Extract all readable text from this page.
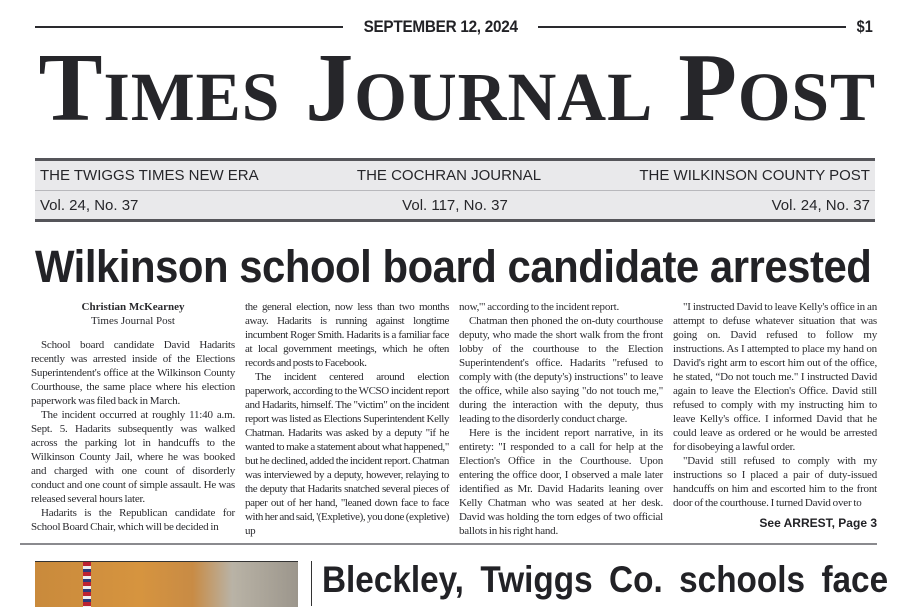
SEPTEMBER 12, 2024	$1
Times Journal Post
THE TWIGGS TIMES NEW ERA	THE COCHRAN JOURNAL	THE WILKINSON COUNTY POST
Vol. 24, No. 37	Vol. 117, No. 37	Vol. 24, No. 37
Wilkinson school board candidate arrested
Christian McKearney
Times Journal Post

School board candidate David Hadarits recently was arrested inside of the Elections Superintendent's office at the Wilkinson County Courthouse, the same place where his election paperwork was filed back in March.

The incident occurred at roughly 11:40 a.m. Sept. 5. Hadarits subsequently was walked across the parking lot in handcuffs to the Wilkinson County Jail, where he was booked and charged with one count of disorderly conduct and one count of simple assault. He was released several hours later.

Hadarits is the Republican candidate for School Board Chair, which will be decided in

the general election, now less than two months away. Hadarits is running against longtime incumbent Roger Smith. Hadarits is a familiar face at local government meetings, which he often records and posts to Facebook.

The incident centered around election paperwork, according to the WCSO incident report and Hadarits, himself. The "victim" on the incident report was listed as Elections Superintendent Kelly Chatman. Hadarits was asked by a deputy "if he wanted to make a statement about what happened," but he declined, added the incident report. Chatman was interviewed by a deputy, however, relaying to the deputy that Hadarits snatched several pieces of paper out of her hand, "leaned down face to face with her and said, '(Expletive), you done (expletive) up

now,'" according to the incident report.

Chatman then phoned the on-duty courthouse deputy, who made the short walk from the front lobby of the courthouse to the Election Superintendent's office. Hadarits "refused to comply with (the deputy's) instructions" to leave the office, while also saying "do not touch me," during the interaction with the deputy, thus leading to the disorderly conduct charge.

Here is the incident report narrative, in its entirety: "I responded to a call for help at the Election's Office in the Courthouse. Upon entering the office door, I observed a male later identified as Mr. David Hadarits leaning over Kelly Chatman who was seated at her desk. David was holding the torn edges of two official ballots in his right hand.

"I instructed David to leave Kelly's office in an attempt to defuse whatever situation that was going on. David refused to follow my instructions. As I attempted to place my hand on David's right arm to escort him out of the office, he stated, “Do not touch me." I instructed David again to leave the Election's Office. David still refused to comply with my instructing him to leave Kelly's office. I informed David that he could leave as ordered or he would be arrested for disobeying a lawful order.

"David still refused to comply with my instructions so I placed a pair of duty-issued handcuffs on him and escorted him to the front door of the courthouse. I turned David over to

See ARREST, Page 3
Bleckley, Twiggs Co. schools face
